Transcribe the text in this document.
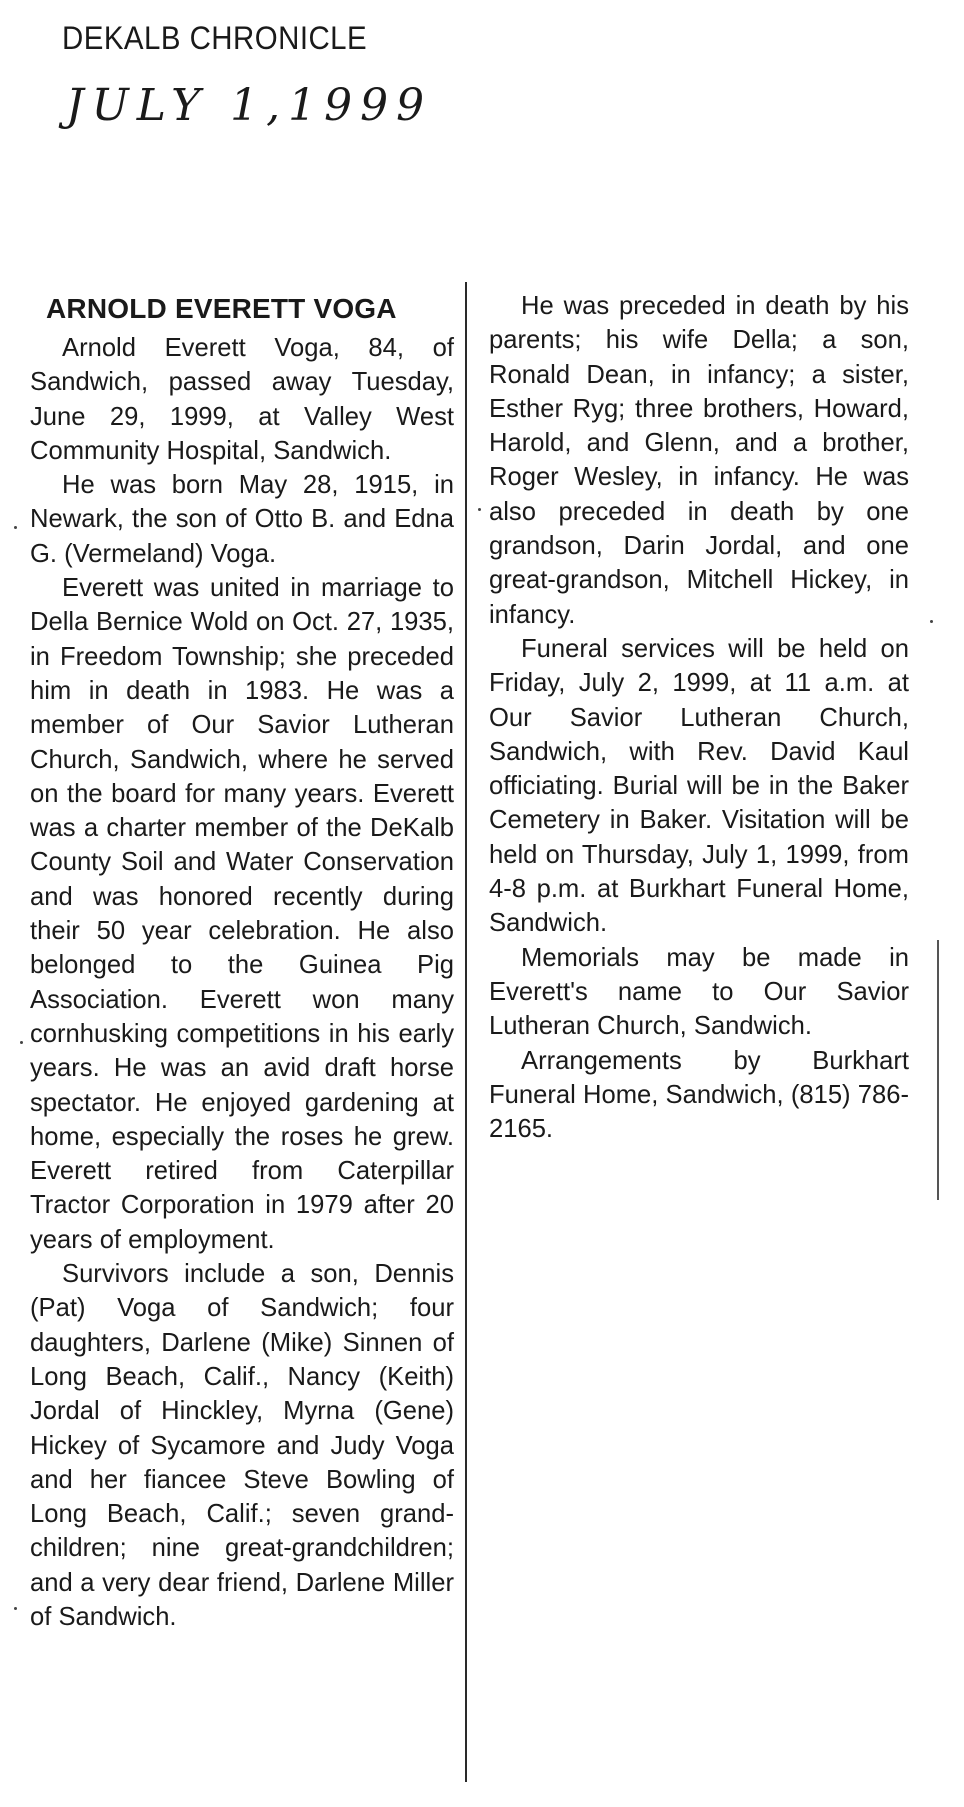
DEKALB CHRONICLE
JULY 1,1999
ARNOLD EVERETT VOGA

Arnold Everett Voga, 84, of Sandwich, passed away Tuesday, June 29, 1999, at Valley West Community Hospital, Sandwich.

He was born May 28, 1915, in Newark, the son of Otto B. and Edna G. (Vermeland) Voga.

Everett was united in marriage to Della Bernice Wold on Oct. 27, 1935, in Freedom Township; she preceded him in death in 1983. He was a member of Our Savior Lutheran Church, Sandwich, where he served on the board for many years. Everett was a charter member of the DeKalb County Soil and Water Conservation and was honored recently during their 50 year celebration. He also belonged to the Guinea Pig Association. Everett won many cornhusking competitions in his early years. He was an avid draft horse spectator. He enjoyed gardening at home, especially the roses he grew. Everett retired from Caterpillar Tractor Corporation in 1979 after 20 years of employment.

Survivors include a son, Dennis (Pat) Voga of Sandwich; four daughters, Darlene (Mike) Sinnen of Long Beach, Calif., Nancy (Keith) Jordal of Hinckley, Myrna (Gene) Hickey of Sycamore and Judy Voga and her fiancee Steve Bowling of Long Beach, Calif.; seven grandchildren; nine great-grandchildren; and a very dear friend, Darlene Miller of Sandwich.

He was preceded in death by his parents; his wife Della; a son, Ronald Dean, in infancy; a sister, Esther Ryg; three brothers, Howard, Harold, and Glenn, and a brother, Roger Wesley, in infancy. He was also preceded in death by one grandson, Darin Jordal, and one great-grandson, Mitchell Hickey, in infancy.

Funeral services will be held on Friday, July 2, 1999, at 11 a.m. at Our Savior Lutheran Church, Sandwich, with Rev. David Kaul officiating. Burial will be in the Baker Cemetery in Baker. Visitation will be held on Thursday, July 1, 1999, from 4-8 p.m. at Burkhart Funeral Home, Sandwich.

Memorials may be made in Everett's name to Our Savior Lutheran Church, Sandwich.

Arrangements by Burkhart Funeral Home, Sandwich, (815) 786-2165.
